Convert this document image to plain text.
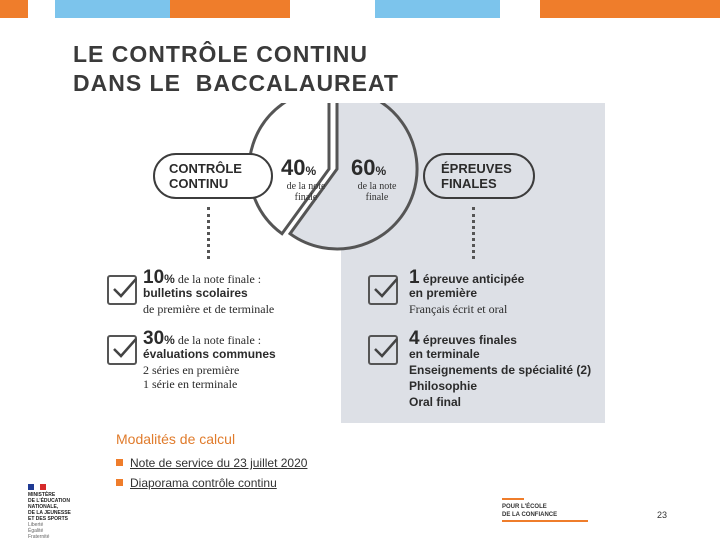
LE CONTRÔLE CONTINU
DANS LE  BACCALAUREAT
40%
de la note
finale
60%
de la note
finale
CONTRÔLE
CONTINU
ÉPREUVES
FINALES
10% de la note finale :
bulletins scolaires
de première et de terminale
30% de la note finale :
évaluations communes
2 séries en première
1 série en terminale
1 épreuve anticipée
en première
Français écrit et oral
4 épreuves finales
en terminale
Enseignements de spécialité (2)
Philosophie
Oral final
Modalités de calcul
Note de service du 23 juillet 2020
Diaporama contrôle continu
MINISTÈRE
DE L'ÉDUCATION
NATIONALE,
DE LA JEUNESSE
ET DES SPORTS
Liberté
Égalité
Fraternité
POUR L'ÉCOLE
DE LA CONFIANCE	23
